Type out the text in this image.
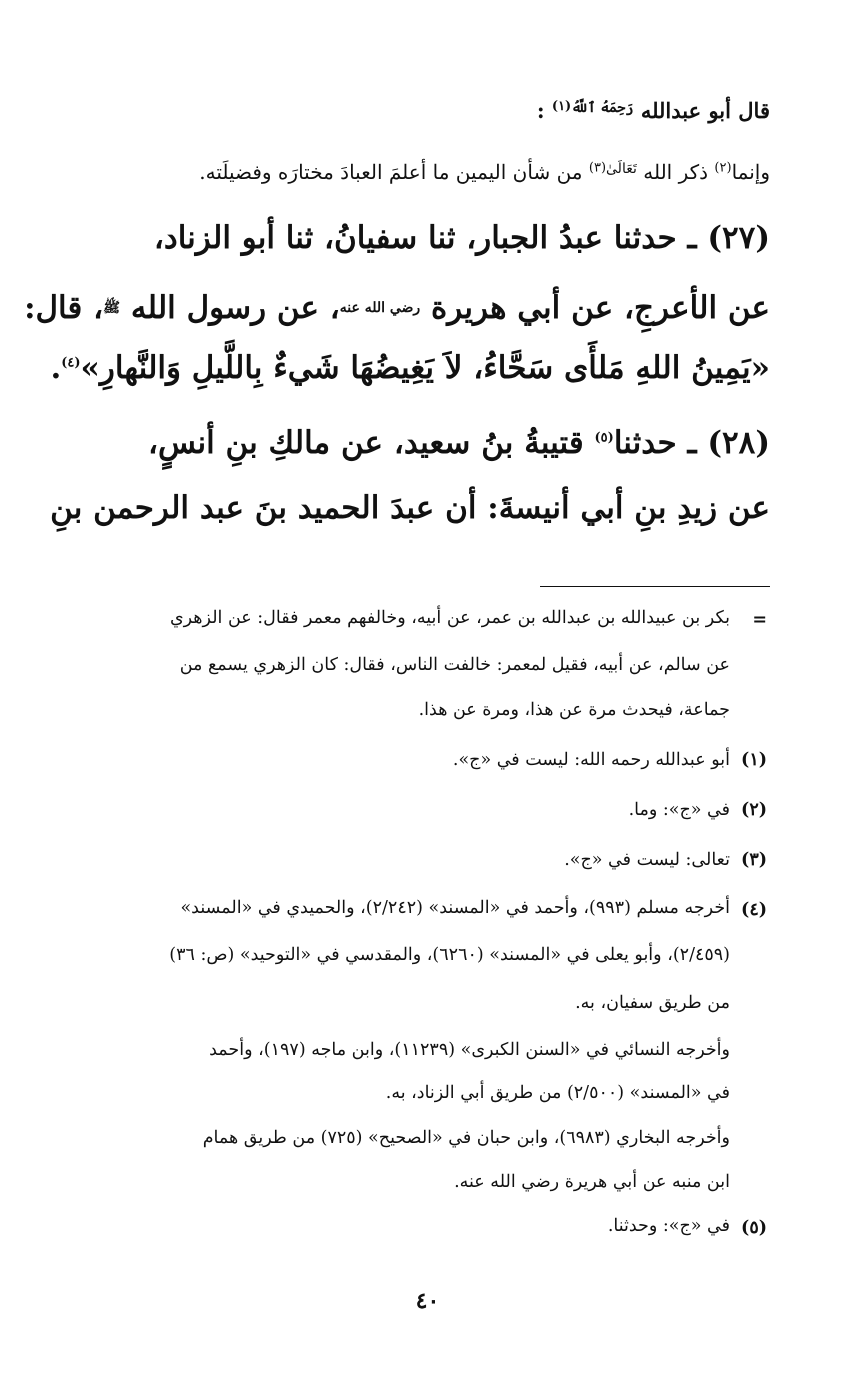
قال أبو عبدالله $^{رَحِمَهُ ٱللَّهُ(١)}$ :
وإنما$^{(٢)}$ ذكر الله $^{تَعَالَىٰ(٣)}$ من شأن اليمين ما أعلمَ العبادَ مختارَه وفضيلَته.
(٢٧) ـ حدثنا عبدُ الجبار، ثنا سفيانُ، ثنا أبو الزناد،
عن الأعرجِ، عن أبي هريرة رضي الله عنه، عن رسول الله ﷺ، قال:
«يَمِينُ اللهِ مَلأَى سَحَّاءُ، لاَ يَغِيضُهَا شَيءٌ بِاللَّيلِ وَالنَّهارِ»$^{(٤)}$.
(٢٨) ـ حدثنا$^{(٥)}$ قتيبةُ بنُ سعيد، عن مالكِ بنِ أنسٍ،
عن زيدِ بنِ أبي أنيسةَ: أن عبدَ الحميد بنَ عبد الرحمن بنِ
=
بكر بن عبيدالله بن عبدالله بن عمر، عن أبيه، وخالفهم معمر فقال: عن الزهري
عن سالم، عن أبيه، فقيل لمعمر: خالفت الناس، فقال: كان الزهري يسمع من
جماعة، فيحدث مرة عن هذا، ومرة عن هذا.
(١)
أبو عبدالله رحمه الله: ليست في «ج».
(٢)
في «ج»: وما.
(٣)
تعالى: ليست في «ج».
(٤)
أخرجه مسلم (٩٩٣)، وأحمد في «المسند» (٢/٢٤٢)، والحميدي في «المسند»
(٢/٤٥٩)، وأبو يعلى في «المسند» (٦٢٦٠)، والمقدسي في «التوحيد» (ص: ٣٦)
من طريق سفيان، به.
وأخرجه النسائي في «السنن الكبرى» (١١٢٣٩)، وابن ماجه (١٩٧)، وأحمد
في «المسند» (٢/٥٠٠) من طريق أبي الزناد، به.
وأخرجه البخاري (٦٩٨٣)، وابن حبان في «الصحيح» (٧٢٥) من طريق همام
ابن منبه عن أبي هريرة رضي الله عنه.
(٥)
في «ج»: وحدثنا.
٤٠
